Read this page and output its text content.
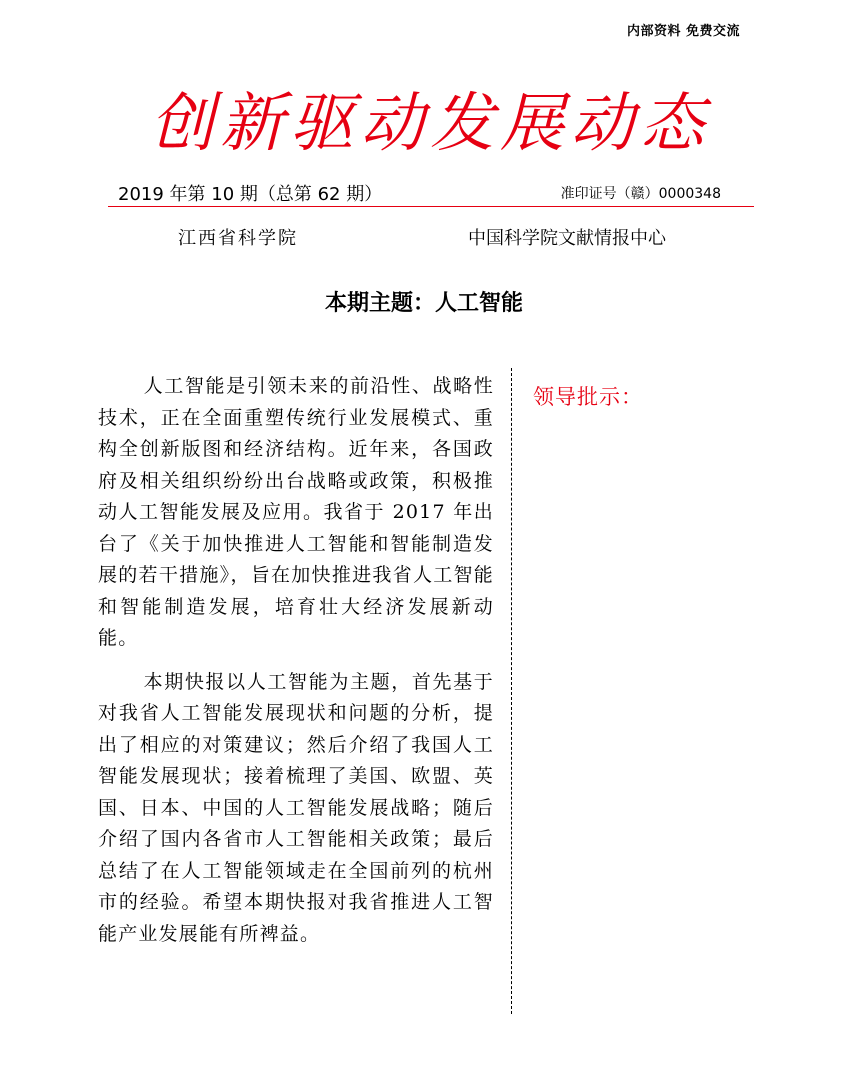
内部资料 免费交流
创新驱动发展动态
2019 年第 10 期（总第 62 期）	准印证号（赣）0000348
江西省科学院	中国科学院文献情报中心
本期主题：人工智能

人工智能是引领未来的前沿性、战略性技术，正在全面重塑传统行业发展模式、重构全创新版图和经济结构。近年来，各国政府及相关组织纷纷出台战略或政策，积极推动人工智能发展及应用。我省于 2017 年出台了《关于加快推进人工智能和智能制造发展的若干措施》，旨在加快推进我省人工智能和智能制造发展，培育壮大经济发展新动能。

本期快报以人工智能为主题，首先基于对我省人工智能发展现状和问题的分析，提出了相应的对策建议；然后介绍了我国人工智能发展现状；接着梳理了美国、欧盟、英国、日本、中国的人工智能发展战略；随后介绍了国内各省市人工智能相关政策；最后总结了在人工智能领域走在全国前列的杭州市的经验。希望本期快报对我省推进人工智能产业发展能有所裨益。

领导批示：
